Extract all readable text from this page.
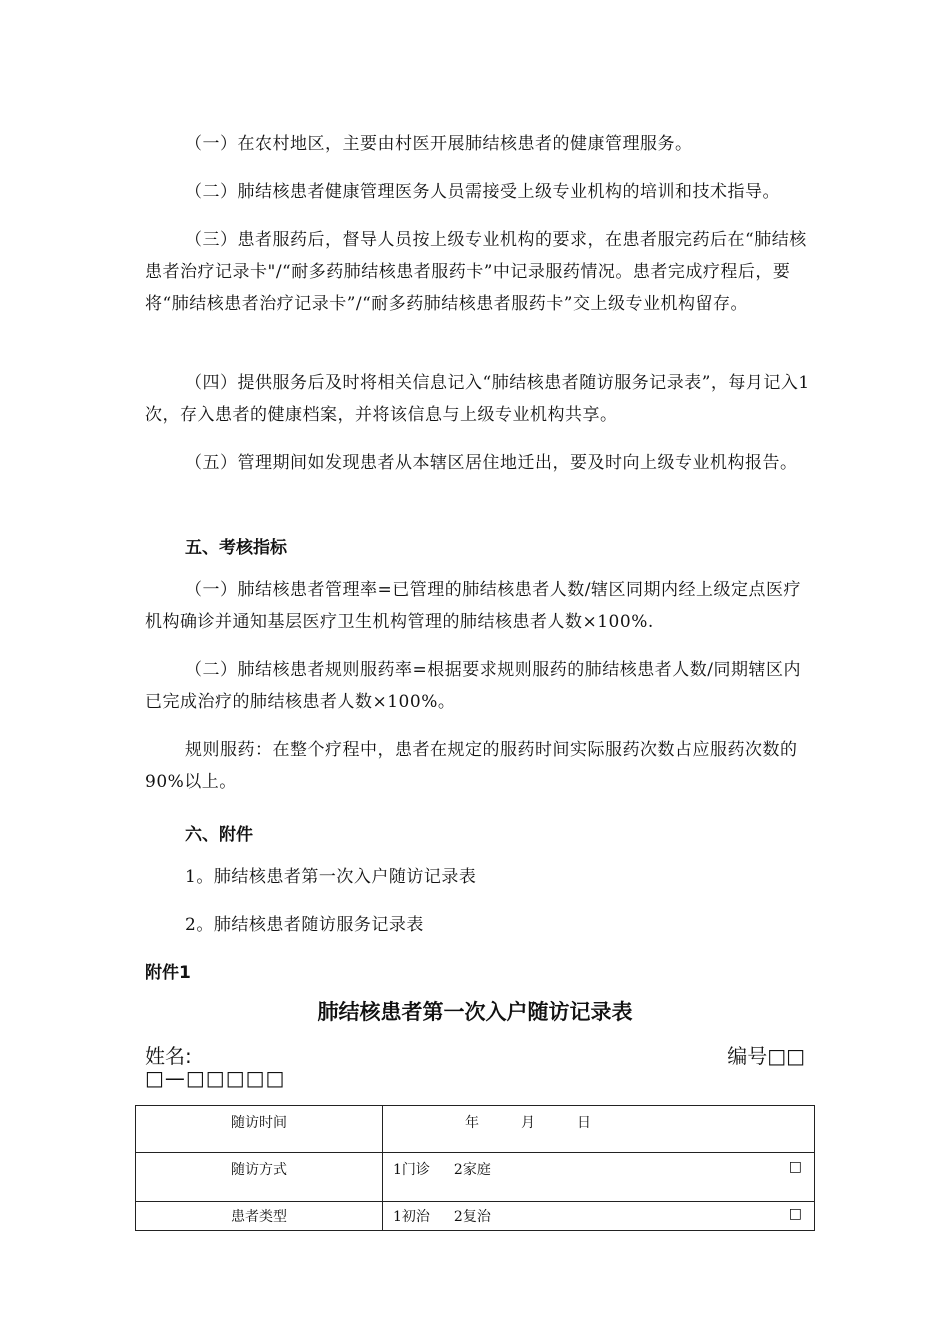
（一）在农村地区，主要由村医开展肺结核患者的健康管理服务。

（二）肺结核患者健康管理医务人员需接受上级专业机构的培训和技术指导。

（三）患者服药后，督导人员按上级专业机构的要求，在患者服完药后在“肺结核患者治疗记录卡"/“耐多药肺结核患者服药卡”中记录服药情况。患者完成疗程后，要将“肺结核患者治疗记录卡”/“耐多药肺结核患者服药卡”交上级专业机构留存。

（四）提供服务后及时将相关信息记入“肺结核患者随访服务记录表”，每月记入1次，存入患者的健康档案，并将该信息与上级专业机构共享。

（五）管理期间如发现患者从本辖区居住地迁出，要及时向上级专业机构报告。

五、考核指标

（一）肺结核患者管理率=已管理的肺结核患者人数/辖区同期内经上级定点医疗机构确诊并通知基层医疗卫生机构管理的肺结核患者人数×100%.

（二）肺结核患者规则服药率=根据要求规则服药的肺结核患者人数/同期辖区内已完成治疗的肺结核患者人数×100%。

规则服药：在整个疗程中，患者在规定的服药时间实际服药次数占应服药次数的90%以上。

六、附件

1。肺结核患者第一次入户随访记录表

2。肺结核患者随访服务记录表

附件1
肺结核患者第一次入户随访记录表
姓名:	编号□□
□—□□□□□
随访时间	年 月 日

随访方式	1门诊 2家庭 □

患者类型	1初治 2复治 □
